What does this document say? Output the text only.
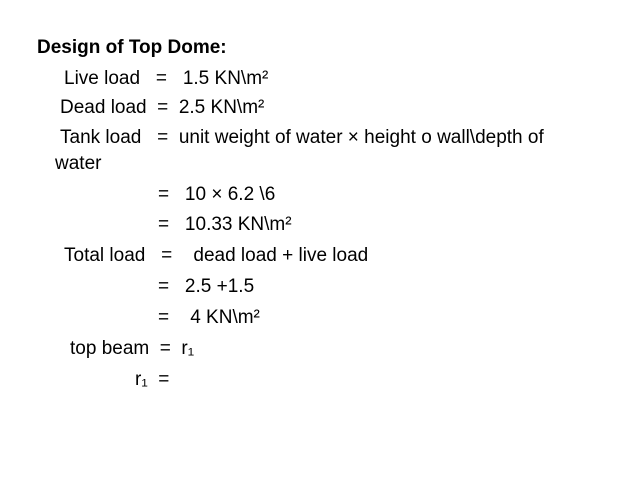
Design of Top Dome:
Live load   =   1.5 KN\m²
Dead load  =  2.5 KN\m²
Tank load   =  unit weight of water × height o wall\depth of
water
=   10 × 6.2 \6
=   10.33 KN\m²
Total load   =    dead load + live load
=   2.5 +1.5
=    4 KN\m²
top beam  =  r₁
r₁  =
